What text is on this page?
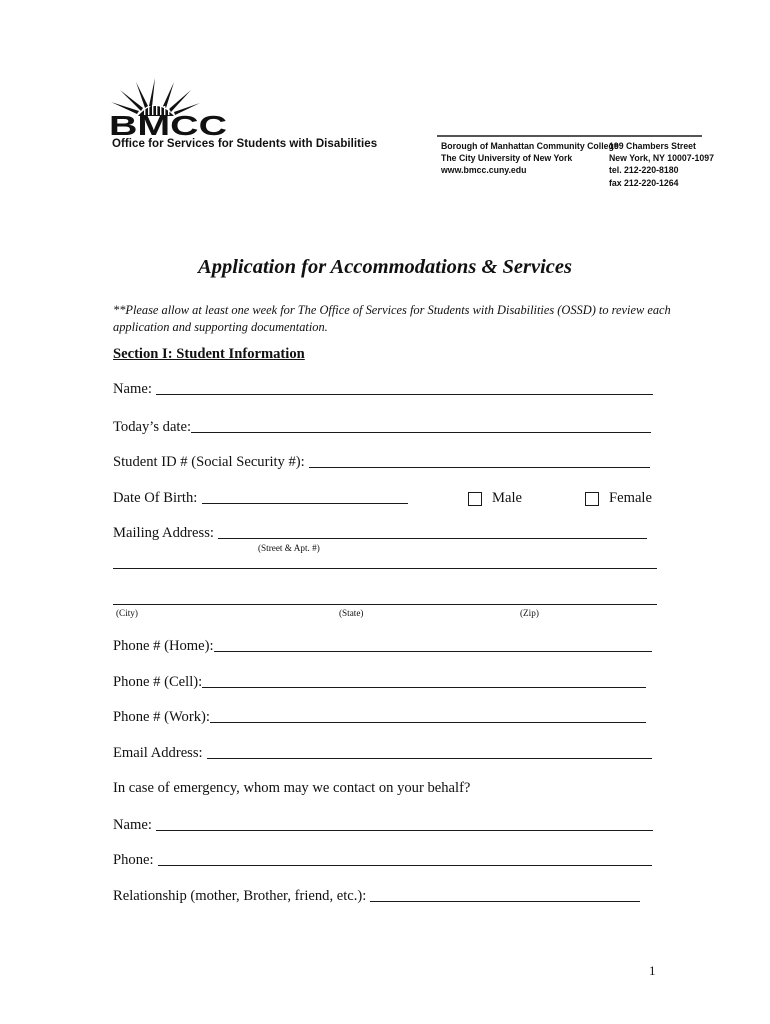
BMCC

Office for Services for Students with Disabilities	Borough of Manhattan Community College
The City University of New York
www.bmcc.cuny.edu

199 Chambers Street
New York, NY 10007-1097
tel. 212-220-8180
fax 212-220-1264

Application for Accommodations & Services

**Please allow at least one week for The Office of Services for Students with Disabilities (OSSD) to review each application and supporting documentation.

Section I: Student Information
Name:
Today’s date:
Student ID # (Social Security #):
Date Of Birth:	Male	Female
Mailing Address:
(Street & Apt. #)
(City)	(State)	(Zip)
Phone # (Home):
Phone # (Cell):
Phone # (Work):
Email Address:

In case of emergency, whom may we contact on your behalf?

Name:
Phone:
Relationship (mother, Brother, friend, etc.):

1
